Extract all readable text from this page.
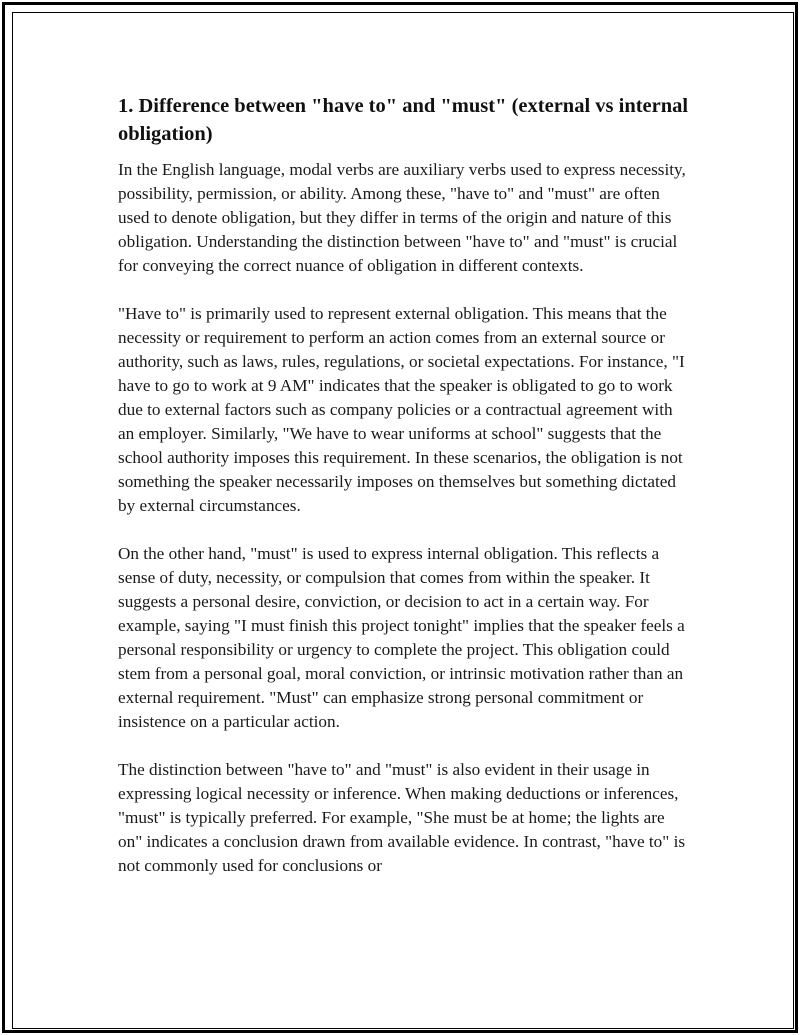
1. Difference between "have to" and "must" (external vs internal obligation)

In the English language, modal verbs are auxiliary verbs used to express necessity, possibility, permission, or ability. Among these, "have to" and "must" are often used to denote obligation, but they differ in terms of the origin and nature of this obligation. Understanding the distinction between "have to" and "must" is crucial for conveying the correct nuance of obligation in different contexts.

"Have to" is primarily used to represent external obligation. This means that the necessity or requirement to perform an action comes from an external source or authority, such as laws, rules, regulations, or societal expectations. For instance, "I have to go to work at 9 AM" indicates that the speaker is obligated to go to work due to external factors such as company policies or a contractual agreement with an employer. Similarly, "We have to wear uniforms at school" suggests that the school authority imposes this requirement. In these scenarios, the obligation is not something the speaker necessarily imposes on themselves but something dictated by external circumstances.

On the other hand, "must" is used to express internal obligation. This reflects a sense of duty, necessity, or compulsion that comes from within the speaker. It suggests a personal desire, conviction, or decision to act in a certain way. For example, saying "I must finish this project tonight" implies that the speaker feels a personal responsibility or urgency to complete the project. This obligation could stem from a personal goal, moral conviction, or intrinsic motivation rather than an external requirement. "Must" can emphasize strong personal commitment or insistence on a particular action.

The distinction between "have to" and "must" is also evident in their usage in expressing logical necessity or inference. When making deductions or inferences, "must" is typically preferred. For example, "She must be at home; the lights are on" indicates a conclusion drawn from available evidence. In contrast, "have to" is not commonly used for conclusions or
